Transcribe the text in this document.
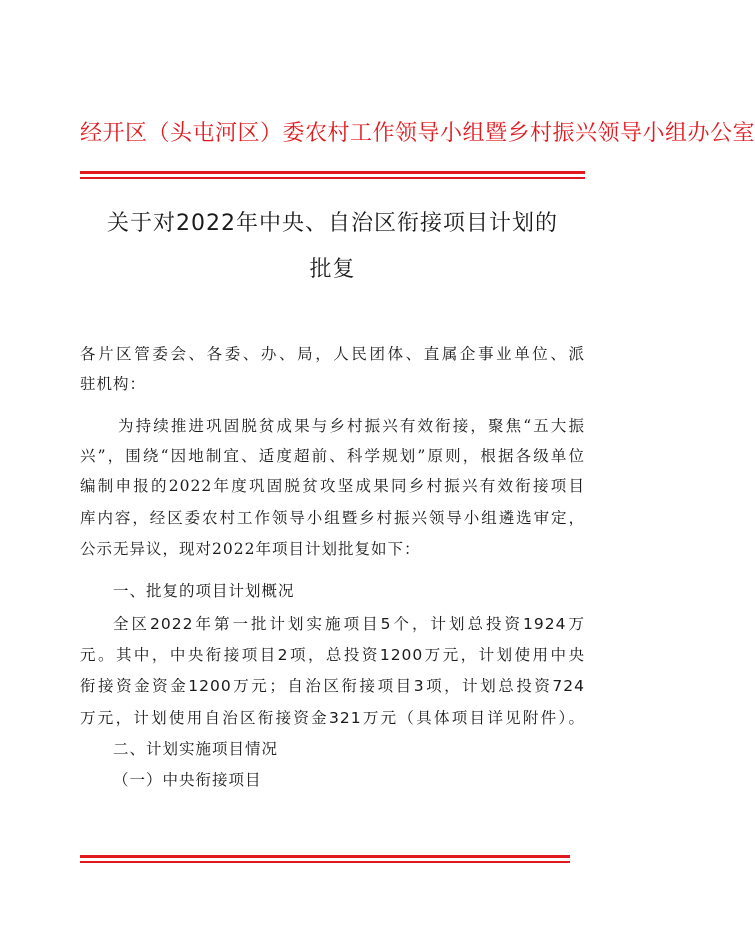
经开区（头屯河区）委农村工作领导小组暨乡村振兴领导小组办公室
关于对2022年中央、自治区衔接项目计划的
批复
各片区管委会、各委、办、局，人民团体、直属企事业单位、派
驻机构：
为持续推进巩固脱贫成果与乡村振兴有效衔接，聚焦“五大振
兴”，围绕“因地制宜、适度超前、科学规划”原则，根据各级单位
编制申报的2022年度巩固脱贫攻坚成果同乡村振兴有效衔接项目
库内容，经区委农村工作领导小组暨乡村振兴领导小组遴选审定，
公示无异议，现对2022年项目计划批复如下：
一、批复的项目计划概况
全区2022年第一批计划实施项目5个，计划总投资1924万
元。其中，中央衔接项目2项，总投资1200万元，计划使用中央
衔接资金资金1200万元；自治区衔接项目3项，计划总投资724
万元，计划使用自治区衔接资金321万元（具体项目详见附件）。
二、计划实施项目情况
（一）中央衔接项目
